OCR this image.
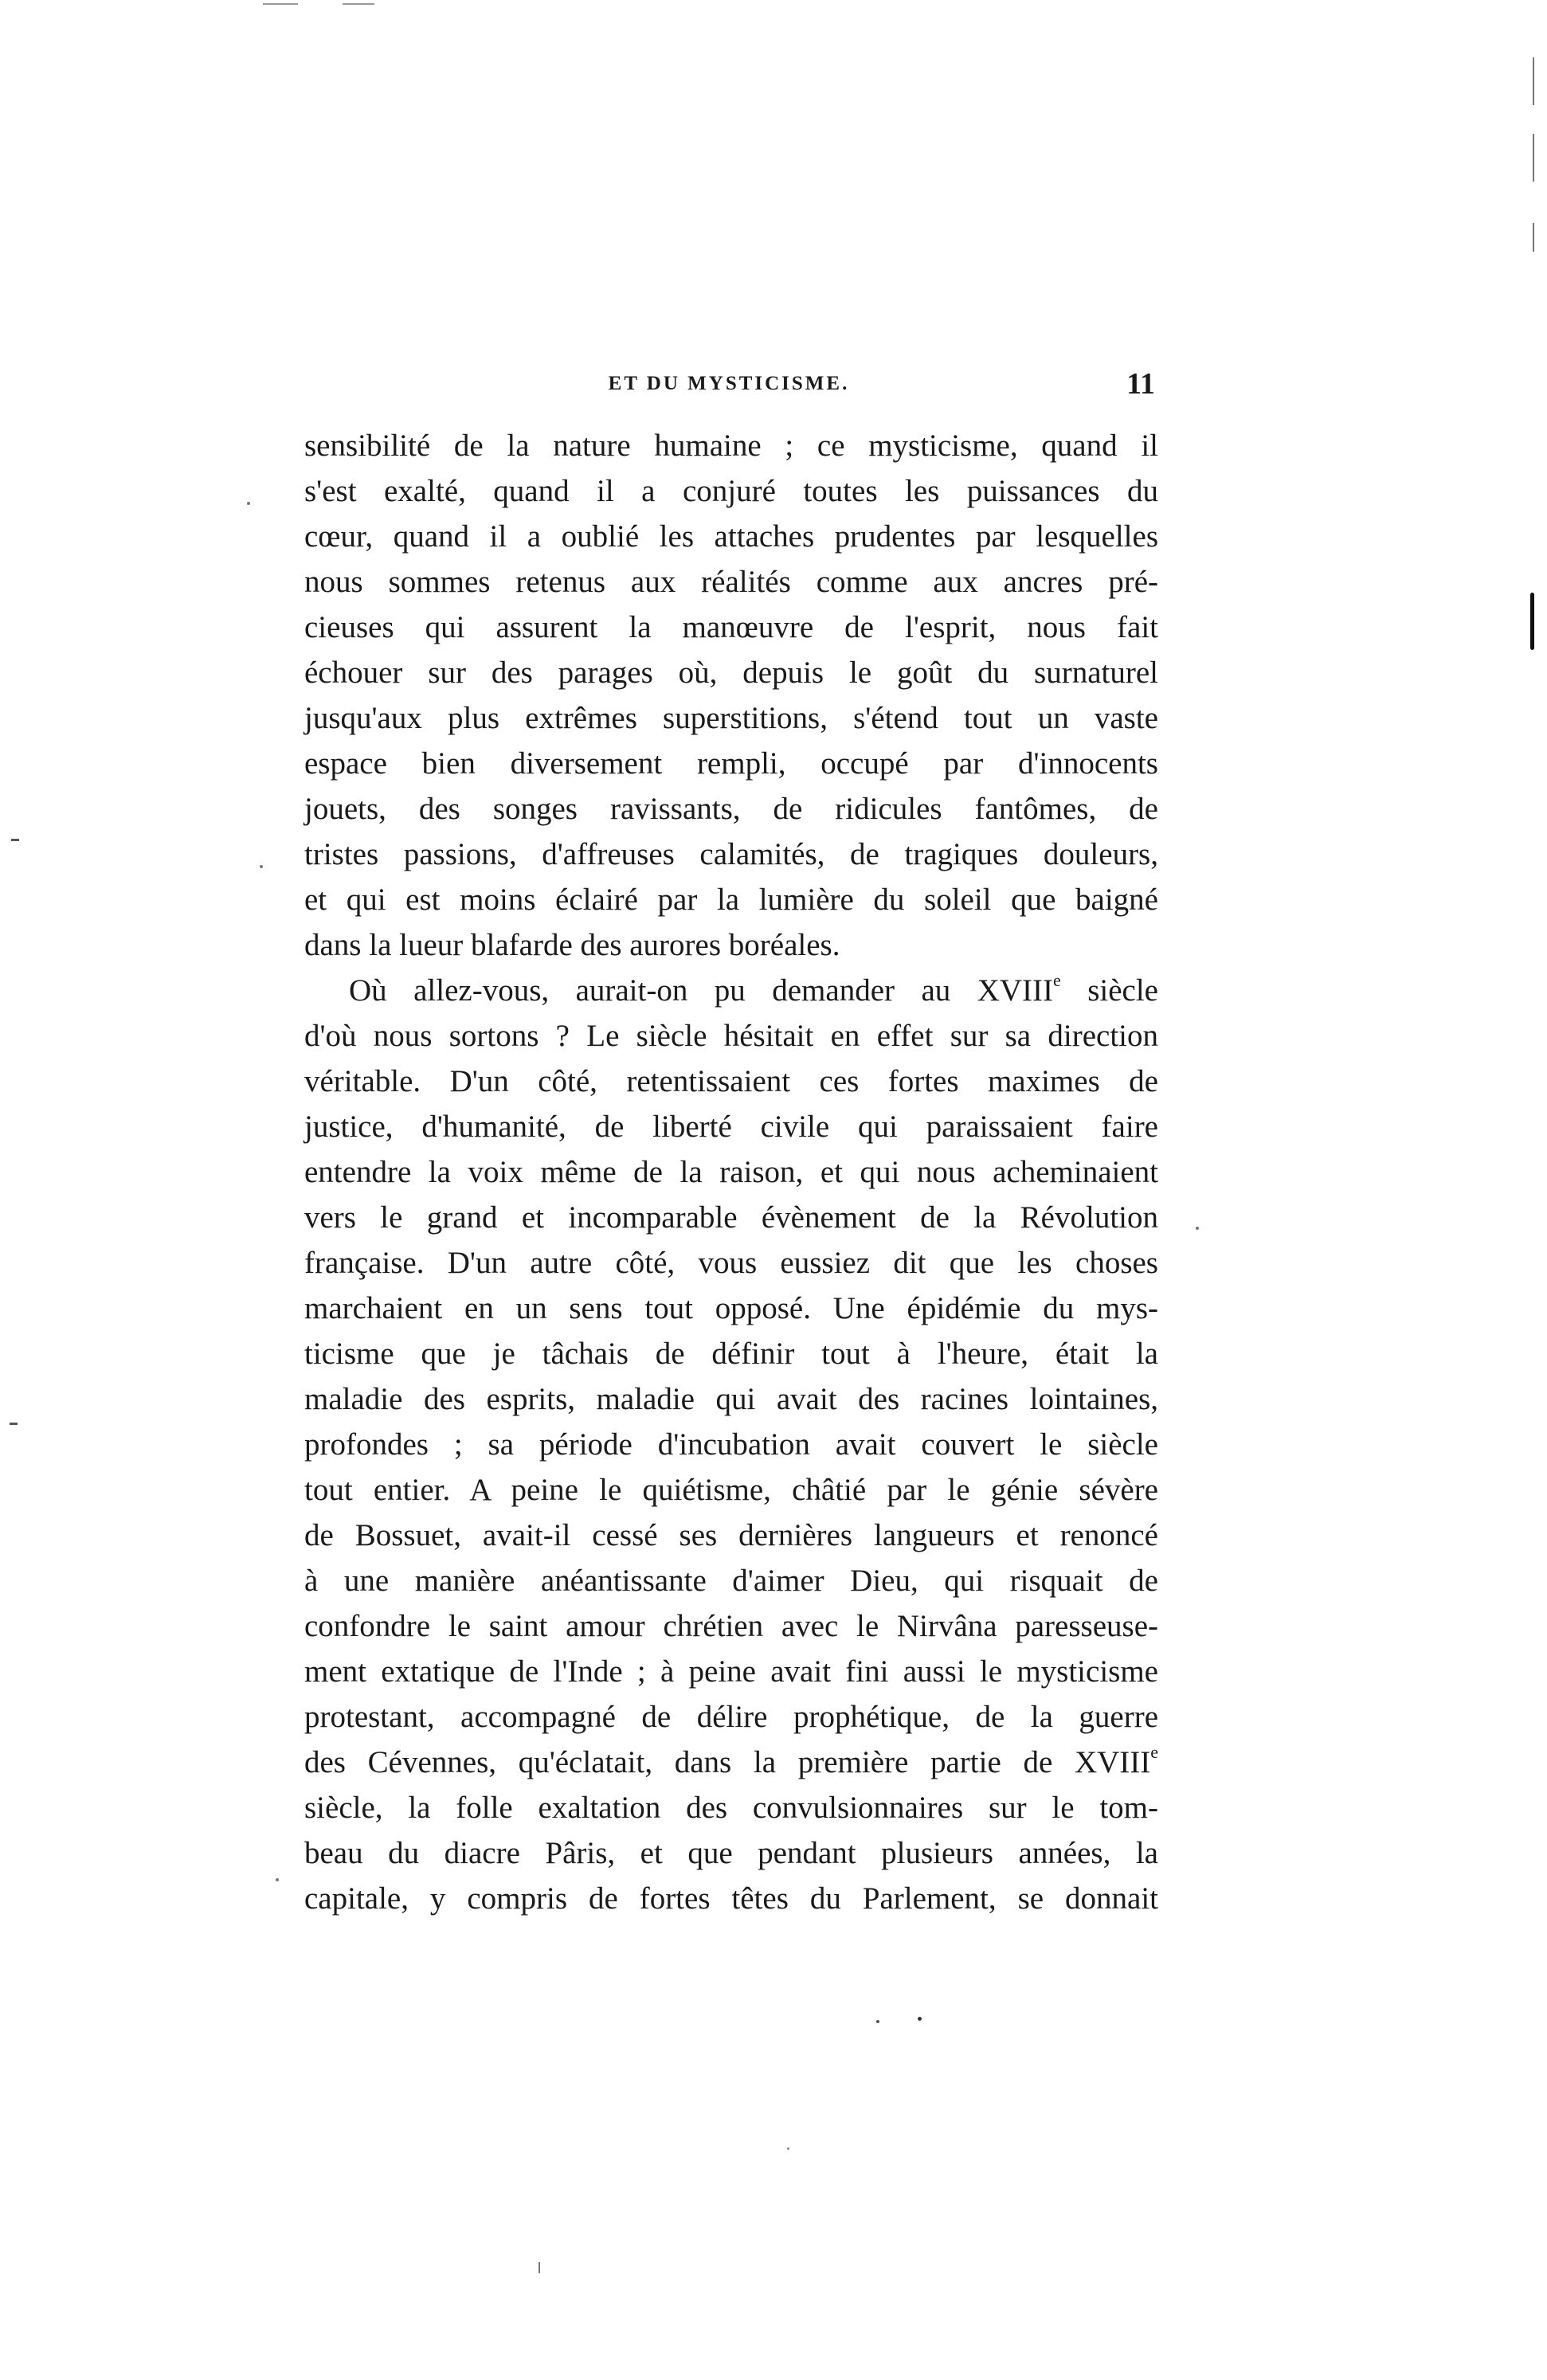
ET DU MYSTICISME.	11
sensibilité de la nature humaine ; ce mysticisme, quand il
s'est exalté, quand il a conjuré toutes les puissances du
cœur, quand il a oublié les attaches prudentes par lesquelles
nous sommes retenus aux réalités comme aux ancres pré-
cieuses qui assurent la manœuvre de l'esprit, nous fait
échouer sur des parages où, depuis le goût du surnaturel
jusqu'aux plus extrêmes superstitions, s'étend tout un vaste
espace bien diversement rempli, occupé par d'innocents
jouets, des songes ravissants, de ridicules fantômes, de
tristes passions, d'affreuses calamités, de tragiques douleurs,
et qui est moins éclairé par la lumière du soleil que baigné
dans la lueur blafarde des aurores boréales.
Où allez-vous, aurait-on pu demander au XVIIIe siècle
d'où nous sortons ? Le siècle hésitait en effet sur sa direction
véritable. D'un côté, retentissaient ces fortes maximes de
justice, d'humanité, de liberté civile qui paraissaient faire
entendre la voix même de la raison, et qui nous acheminaient
vers le grand et incomparable évènement de la Révolution
française. D'un autre côté, vous eussiez dit que les choses
marchaient en un sens tout opposé. Une épidémie du mys-
ticisme que je tâchais de définir tout à l'heure, était la
maladie des esprits, maladie qui avait des racines lointaines,
profondes ; sa période d'incubation avait couvert le siècle
tout entier. A peine le quiétisme, châtié par le génie sévère
de Bossuet, avait-il cessé ses dernières langueurs et renoncé
à une manière anéantissante d'aimer Dieu, qui risquait de
confondre le saint amour chrétien avec le Nirvâna paresseuse-
ment extatique de l'Inde ; à peine avait fini aussi le mysticisme
protestant, accompagné de délire prophétique, de la guerre
des Cévennes, qu'éclatait, dans la première partie de XVIIIe
siècle, la folle exaltation des convulsionnaires sur le tom-
beau du diacre Pâris, et que pendant plusieurs années, la
capitale, y compris de fortes têtes du Parlement, se donnait
